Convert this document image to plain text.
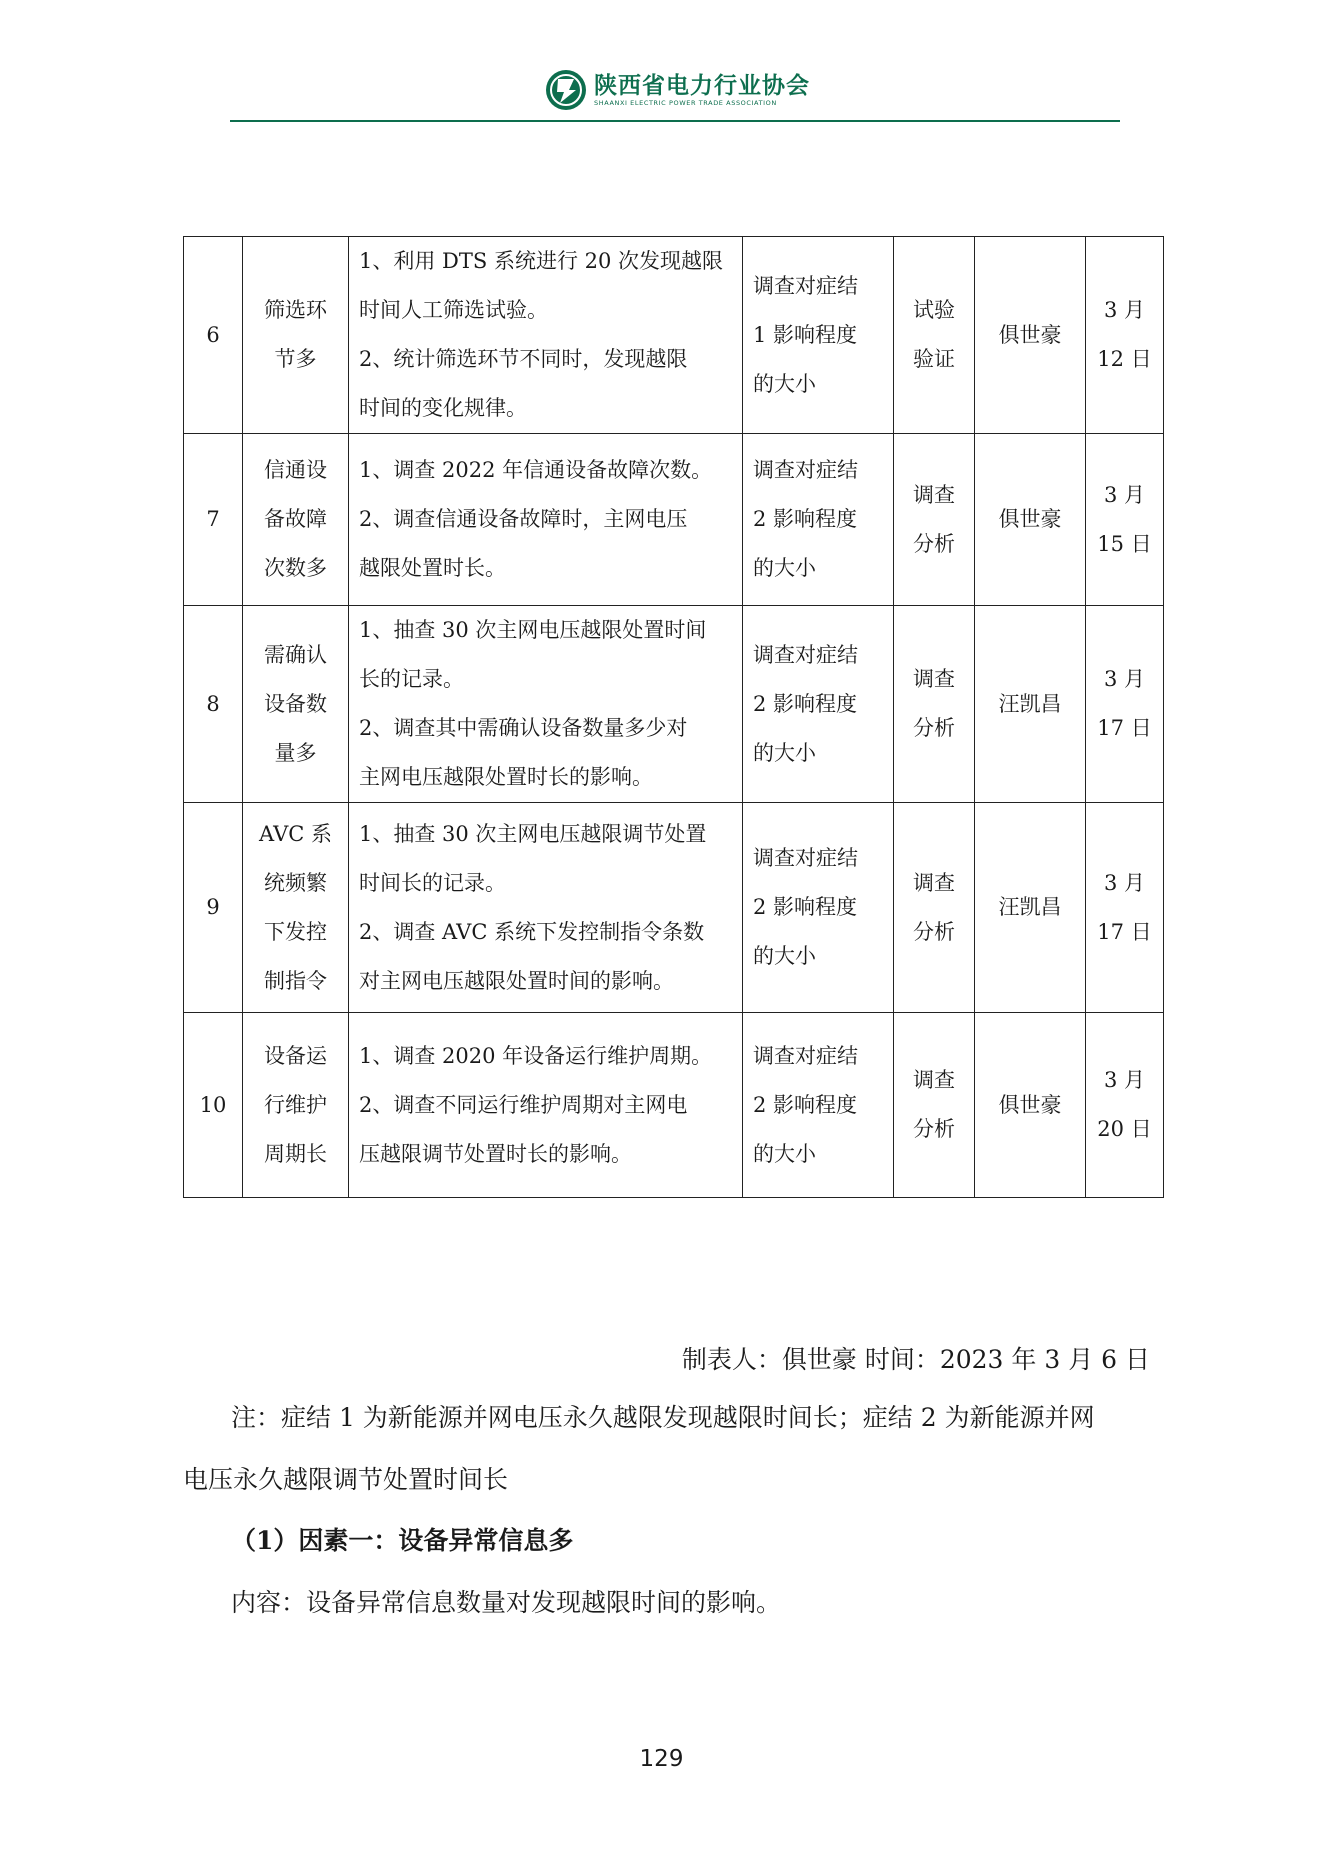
陕西省电力行业协会
SHAANXI ELECTRIC POWER TRADE ASSOCIATION
6	筛选环
节多	1、利用 DTS 系统进行 20 次发现越限
时间人工筛选试验。
2、统计筛选环节不同时，发现越限
时间的变化规律。	调查对症结
1 影响程度
的大小	试验
验证	俱世豪	3 月
12 日

7	信通设
备故障
次数多	1、调查 2022 年信通设备故障次数。
2、调查信通设备故障时，主网电压
越限处置时长。	调查对症结
2 影响程度
的大小	调查
分析	俱世豪	3 月
15 日

8	需确认
设备数
量多	1、抽查 30 次主网电压越限处置时间
长的记录。
2、调查其中需确认设备数量多少对
主网电压越限处置时长的影响。	调查对症结
2 影响程度
的大小	调查
分析	汪凯昌	3 月
17 日

9	AVC 系
统频繁
下发控
制指令	1、抽查 30 次主网电压越限调节处置
时间长的记录。
2、调查 AVC 系统下发控制指令条数
对主网电压越限处置时间的影响。	调查对症结
2 影响程度
的大小	调查
分析	汪凯昌	3 月
17 日

10	设备运
行维护
周期长	1、调查 2020 年设备运行维护周期。
2、调查不同运行维护周期对主网电
压越限调节处置时长的影响。	调查对症结
2 影响程度
的大小	调查
分析	俱世豪	3 月
20 日
制表人：俱世豪 时间：2023 年 3 月 6 日
注：症结 1 为新能源并网电压永久越限发现越限时间长；症结 2 为新能源并网
电压永久越限调节处置时间长
（1）因素一：设备异常信息多
内容：设备异常信息数量对发现越限时间的影响。
129
